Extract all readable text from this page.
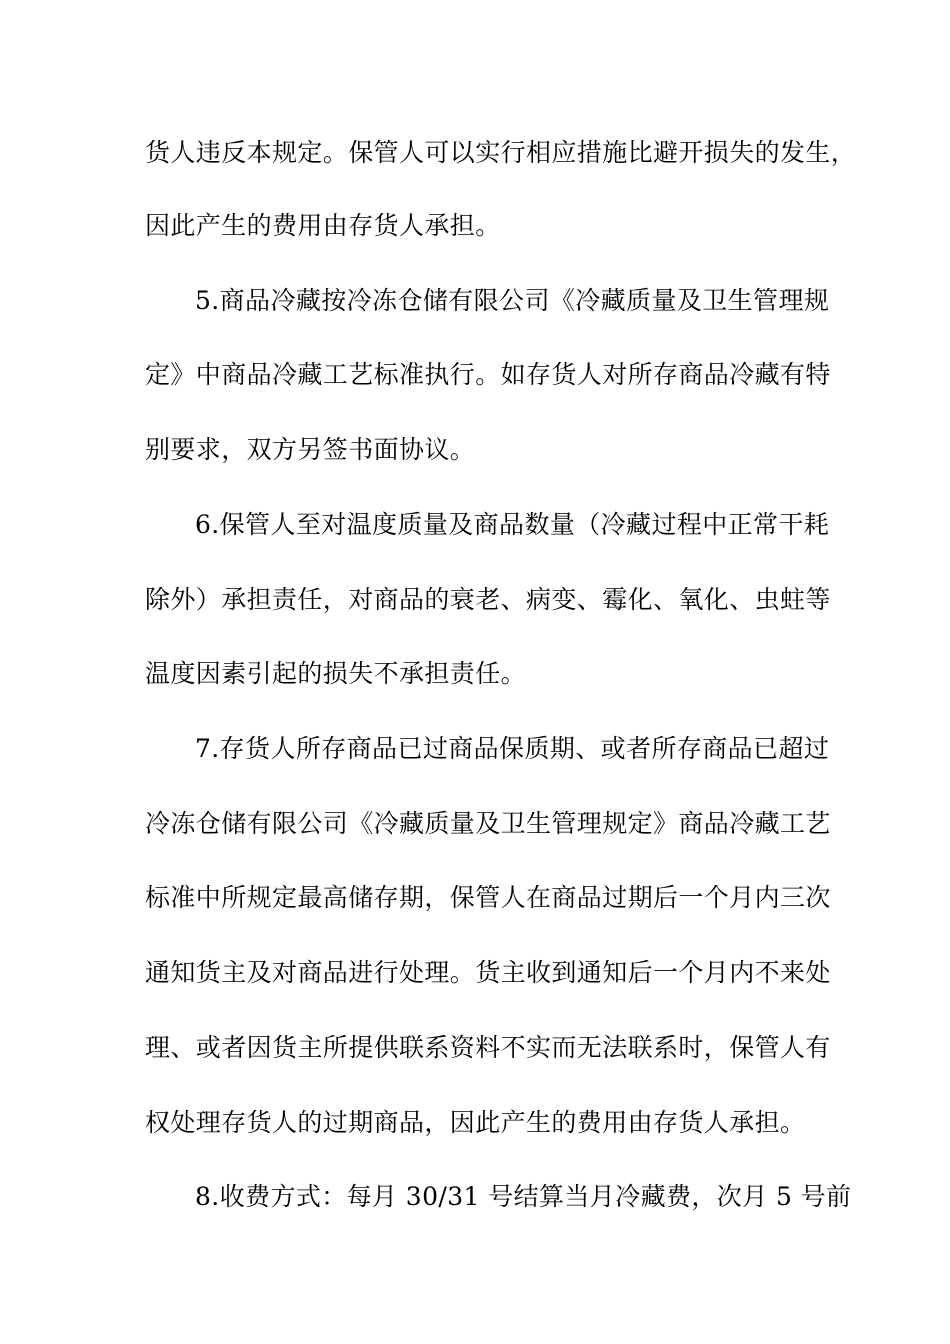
货人违反本规定。保管人可以实行相应措施比避开损失的发生，
因此产生的费用由存货人承担。
5.商品冷藏按冷冻仓储有限公司《冷藏质量及卫生管理规
定》中商品冷藏工艺标准执行。如存货人对所存商品冷藏有特
别要求，双方另签书面协议。
6.保管人至对温度质量及商品数量（冷藏过程中正常干耗
除外）承担责任，对商品的衰老、病变、霉化、氧化、虫蛀等
温度因素引起的损失不承担责任。
7.存货人所存商品已过商品保质期、或者所存商品已超过
冷冻仓储有限公司《冷藏质量及卫生管理规定》商品冷藏工艺
标准中所规定最高储存期，保管人在商品过期后一个月内三次
通知货主及对商品进行处理。货主收到通知后一个月内不来处
理、或者因货主所提供联系资料不实而无法联系时，保管人有
权处理存货人的过期商品，因此产生的费用由存货人承担。
8.收费方式：每月 30/31 号结算当月冷藏费，次月 5 号前
